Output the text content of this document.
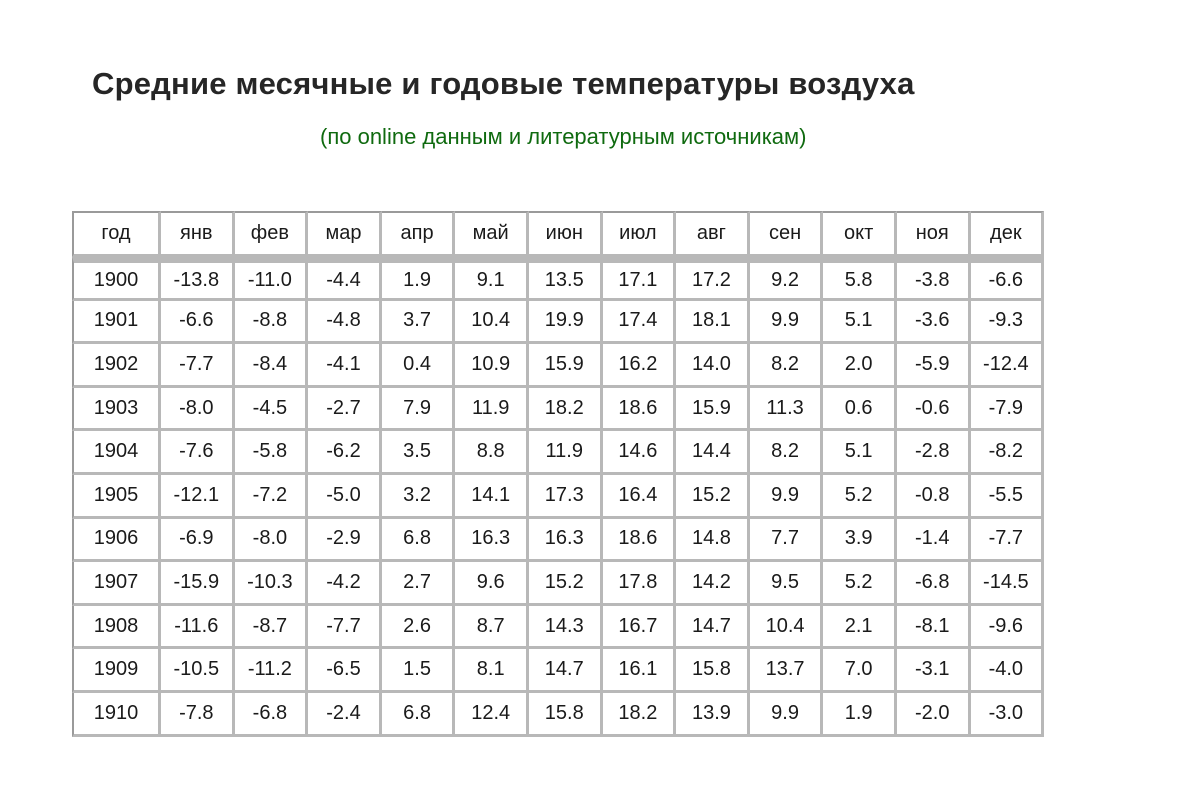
Средние месячные и годовые температуры воздуха
(по online данным и литературным источникам)
год	янв	фев	мар	апр	май	июн	июл	авг	сен	окт	ноя	дек
1900	-13.8	-11.0	-4.4	1.9	9.1	13.5	17.1	17.2	9.2	5.8	-3.8	-6.6
1901	-6.6	-8.8	-4.8	3.7	10.4	19.9	17.4	18.1	9.9	5.1	-3.6	-9.3
1902	-7.7	-8.4	-4.1	0.4	10.9	15.9	16.2	14.0	8.2	2.0	-5.9	-12.4
1903	-8.0	-4.5	-2.7	7.9	11.9	18.2	18.6	15.9	11.3	0.6	-0.6	-7.9
1904	-7.6	-5.8	-6.2	3.5	8.8	11.9	14.6	14.4	8.2	5.1	-2.8	-8.2
1905	-12.1	-7.2	-5.0	3.2	14.1	17.3	16.4	15.2	9.9	5.2	-0.8	-5.5
1906	-6.9	-8.0	-2.9	6.8	16.3	16.3	18.6	14.8	7.7	3.9	-1.4	-7.7
1907	-15.9	-10.3	-4.2	2.7	9.6	15.2	17.8	14.2	9.5	5.2	-6.8	-14.5
1908	-11.6	-8.7	-7.7	2.6	8.7	14.3	16.7	14.7	10.4	2.1	-8.1	-9.6
1909	-10.5	-11.2	-6.5	1.5	8.1	14.7	16.1	15.8	13.7	7.0	-3.1	-4.0
1910	-7.8	-6.8	-2.4	6.8	12.4	15.8	18.2	13.9	9.9	1.9	-2.0	-3.0
